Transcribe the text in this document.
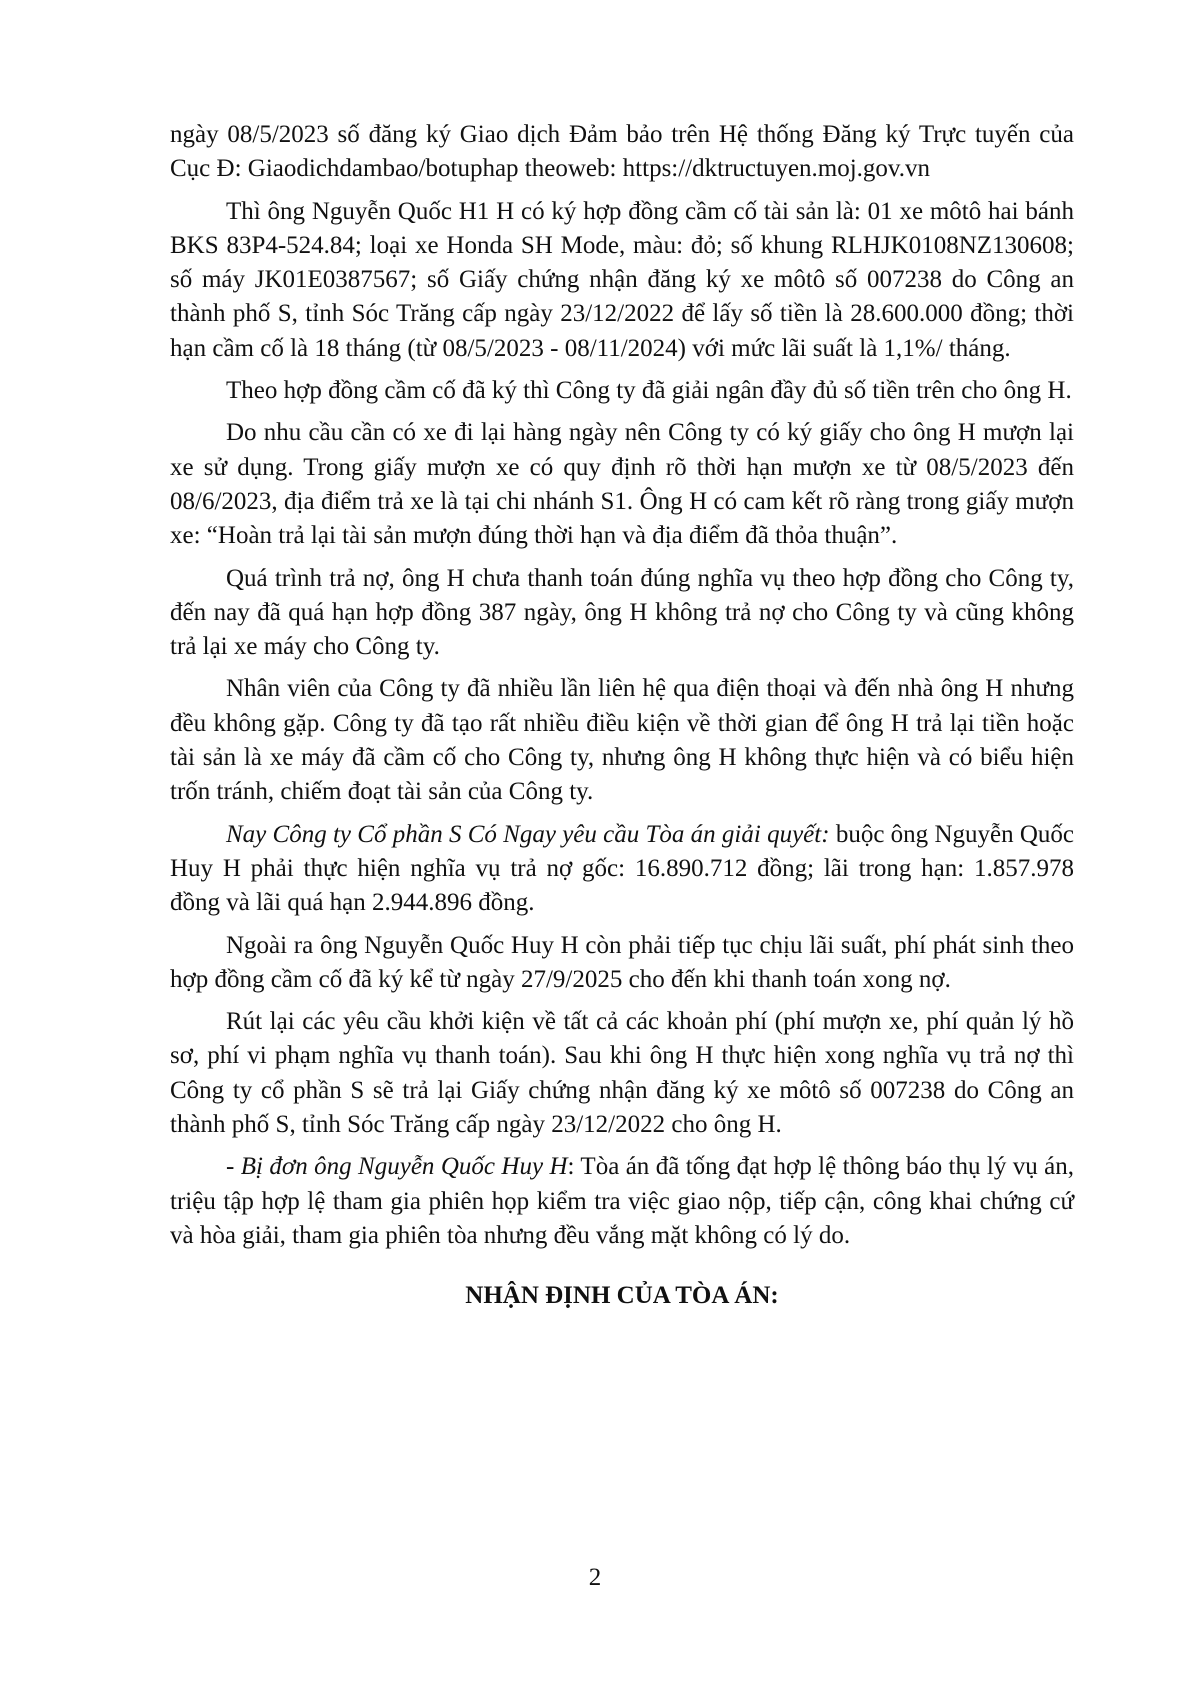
ngày 08/5/2023 số đăng ký Giao dịch Đảm bảo trên Hệ thống Đăng ký Trực tuyến của Cục Đ: Giaodichdambao/botuphap theoweb: https://dktructuyen.moj.gov.vn

Thì ông Nguyễn Quốc H1 H có ký hợp đồng cầm cố tài sản là: 01 xe môtô hai bánh BKS 83P4-524.84; loại xe Honda SH Mode, màu: đỏ; số khung RLHJK0108NZ130608; số máy JK01E0387567; số Giấy chứng nhận đăng ký xe môtô số 007238 do Công an thành phố S, tỉnh Sóc Trăng cấp ngày 23/12/2022 để lấy số tiền là 28.600.000 đồng; thời hạn cầm cố là 18 tháng (từ 08/5/2023 - 08/11/2024) với mức lãi suất là 1,1%/ tháng.

Theo hợp đồng cầm cố đã ký thì Công ty đã giải ngân đầy đủ số tiền trên cho ông H.

Do nhu cầu cần có xe đi lại hàng ngày nên Công ty có ký giấy cho ông H mượn lại xe sử dụng. Trong giấy mượn xe có quy định rõ thời hạn mượn xe từ 08/5/2023 đến 08/6/2023, địa điểm trả xe là tại chi nhánh S1. Ông H có cam kết rõ ràng trong giấy mượn xe: “Hoàn trả lại tài sản mượn đúng thời hạn và địa điểm đã thỏa thuận”.

Quá trình trả nợ, ông H chưa thanh toán đúng nghĩa vụ theo hợp đồng cho Công ty, đến nay đã quá hạn hợp đồng 387 ngày, ông H không trả nợ cho Công ty và cũng không trả lại xe máy cho Công ty.

Nhân viên của Công ty đã nhiều lần liên hệ qua điện thoại và đến nhà ông H nhưng đều không gặp. Công ty đã tạo rất nhiều điều kiện về thời gian để ông H trả lại tiền hoặc tài sản là xe máy đã cầm cố cho Công ty, nhưng ông H không thực hiện và có biểu hiện trốn tránh, chiếm đoạt tài sản của Công ty.

Nay Công ty Cổ phần S Có Ngay yêu cầu Tòa án giải quyết: buộc ông Nguyễn Quốc Huy H phải thực hiện nghĩa vụ trả nợ gốc: 16.890.712 đồng; lãi trong hạn: 1.857.978 đồng và lãi quá hạn 2.944.896 đồng.

Ngoài ra ông Nguyễn Quốc Huy H còn phải tiếp tục chịu lãi suất, phí phát sinh theo hợp đồng cầm cố đã ký kể từ ngày 27/9/2025 cho đến khi thanh toán xong nợ.

Rút lại các yêu cầu khởi kiện về tất cả các khoản phí (phí mượn xe, phí quản lý hồ sơ, phí vi phạm nghĩa vụ thanh toán). Sau khi ông H thực hiện xong nghĩa vụ trả nợ thì Công ty cổ phần S sẽ trả lại Giấy chứng nhận đăng ký xe môtô số 007238 do Công an thành phố S, tỉnh Sóc Trăng cấp ngày 23/12/2022 cho ông H.

- Bị đơn ông Nguyễn Quốc Huy H: Tòa án đã tống đạt hợp lệ thông báo thụ lý vụ án, triệu tập hợp lệ tham gia phiên họp kiểm tra việc giao nộp, tiếp cận, công khai chứng cứ và hòa giải, tham gia phiên tòa nhưng đều vắng mặt không có lý do.

NHẬN ĐỊNH CỦA TÒA ÁN:
2
